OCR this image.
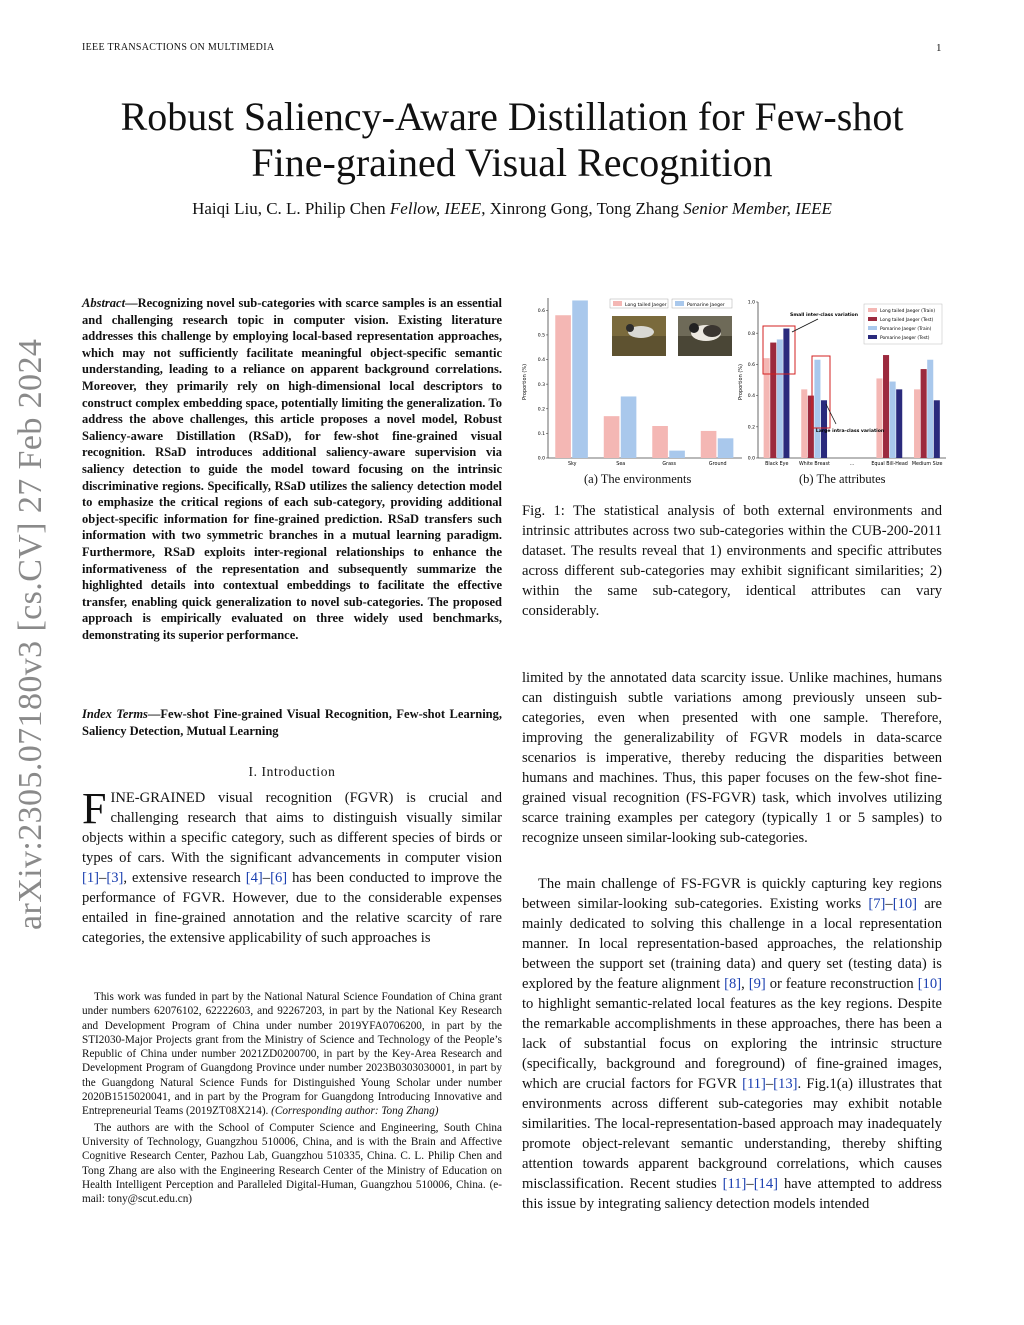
IEEE TRANSACTIONS ON MULTIMEDIA	1
Robust Saliency-Aware Distillation for Few-shot
Fine-grained Visual Recognition
Haiqi Liu, C. L. Philip Chen Fellow, IEEE, Xinrong Gong, Tong Zhang Senior Member, IEEE
arXiv:2305.07180v3 [cs.CV] 27 Feb 2024
Abstract—Recognizing novel sub-categories with scarce samples is an essential and challenging research topic in computer vision. Existing literature addresses this challenge by employing local-based representation approaches, which may not sufficiently facilitate meaningful object-specific semantic understanding, leading to a reliance on apparent background correlations. Moreover, they primarily rely on high-dimensional local descriptors to construct complex embedding space, potentially limiting the generalization. To address the above challenges, this article proposes a novel model, Robust Saliency-aware Distillation (RSaD), for few-shot fine-grained visual recognition. RSaD introduces additional saliency-aware supervision via saliency detection to guide the model toward focusing on the intrinsic discriminative regions. Specifically, RSaD utilizes the saliency detection model to emphasize the critical regions of each sub-category, providing additional object-specific information for fine-grained prediction. RSaD transfers such information with two symmetric branches in a mutual learning paradigm. Furthermore, RSaD exploits inter-regional relationships to enhance the informativeness of the representation and subsequently summarize the highlighted details into contextual embeddings to facilitate the effective transfer, enabling quick generalization to novel sub-categories. The proposed approach is empirically evaluated on three widely used benchmarks, demonstrating its superior performance.
Index Terms—Few-shot Fine-grained Visual Recognition, Few-shot Learning, Saliency Detection, Mutual Learning
I. Introduction
FINE-GRAINED visual recognition (FGVR) is crucial and challenging research that aims to distinguish visually similar objects within a specific category, such as different species of birds or types of cars. With the significant advancements in computer vision [1]–[3], extensive research [4]–[6] has been conducted to improve the performance of FGVR. However, due to the considerable expenses entailed in fine-grained annotation and the relative scarcity of rare categories, the extensive applicability of such approaches is

This work was funded in part by the National Natural Science Foundation of China grant under numbers 62076102, 62222603, and 92267203, in part by the National Key Research and Development Program of China under number 2019YFA0706200, in part by the STI2030-Major Projects grant from the Ministry of Science and Technology of the People’s Republic of China under number 2021ZD0200700, in part by the Key-Area Research and Development Program of Guangdong Province under number 2023B0303030001, in part by the Guangdong Natural Science Funds for Distinguished Young Scholar under number 2020B1515020041, and in part by the Program for Guangdong Introducing Innovative and Entrepreneurial Teams (2019ZT08X214). (Corresponding author: Tong Zhang)

The authors are with the School of Computer Science and Engineering, South China University of Technology, Guangzhou 510006, China, and is with the Brain and Affective Cognitive Research Center, Pazhou Lab, Guangzhou 510335, China. C. L. Philip Chen and Tong Zhang are also with the Engineering Research Center of the Ministry of Education on Health Intelligent Perception and Paralleled Digital-Human, Guangzhou 510006, China. (e-mail: tony@scut.edu.cn)

Proportion (%)
0.0
0.1
0.2
0.3
0.4
0.5
0.6
Sky	Sea	Grass	Ground
Long tailed Jaeger	Pomarine Jaeger
Proportion (%)
0.0
0.2
0.4
0.6
0.8
1.0
Black Eye White Breast	...	Equal Bill-Head Medium Size
Long tailed Jaeger (Train)
Long tailed Jaeger (Test)
Pomarine Jaeger (Train)
Pomarine Jaeger (Test)
Small inter-class variation
Large intra-class variation
(a) The environments	(b) The attributes
Fig. 1: The statistical analysis of both external environments and intrinsic attributes across two sub-categories within the CUB-200-2011 dataset. The results reveal that 1) environments and specific attributes across different sub-categories may exhibit significant similarities; 2) within the same sub-category, identical attributes can vary considerably.
limited by the annotated data scarcity issue. Unlike machines, humans can distinguish subtle variations among previously unseen sub-categories, even when presented with one sample. Therefore, improving the generalizability of FGVR models in data-scarce scenarios is imperative, thereby reducing the disparities between humans and machines. Thus, this paper focuses on the few-shot fine-grained visual recognition (FS-FGVR) task, which involves utilizing scarce training examples per category (typically 1 or 5 samples) to recognize unseen similar-looking sub-categories.

The main challenge of FS-FGVR is quickly capturing key regions between similar-looking sub-categories. Existing works [7]–[10] are mainly dedicated to solving this challenge in a local representation manner. In local representation-based approaches, the relationship between the support set (training data) and query set (testing data) is explored by the feature alignment [8], [9] or feature reconstruction [10] to highlight semantic-related local features as the key regions. Despite the remarkable accomplishments in these approaches, there has been a lack of substantial focus on exploring the intrinsic structure (specifically, background and foreground) of fine-grained images, which are crucial factors for FGVR [11]–[13]. Fig.1(a) illustrates that environments across different sub-categories may exhibit notable similarities. The local-representation-based approach may inadequately promote object-relevant semantic understanding, thereby shifting attention towards apparent background correlations, which causes misclassification. Recent studies [11]–[14] have attempted to address this issue by integrating saliency detection models intended
